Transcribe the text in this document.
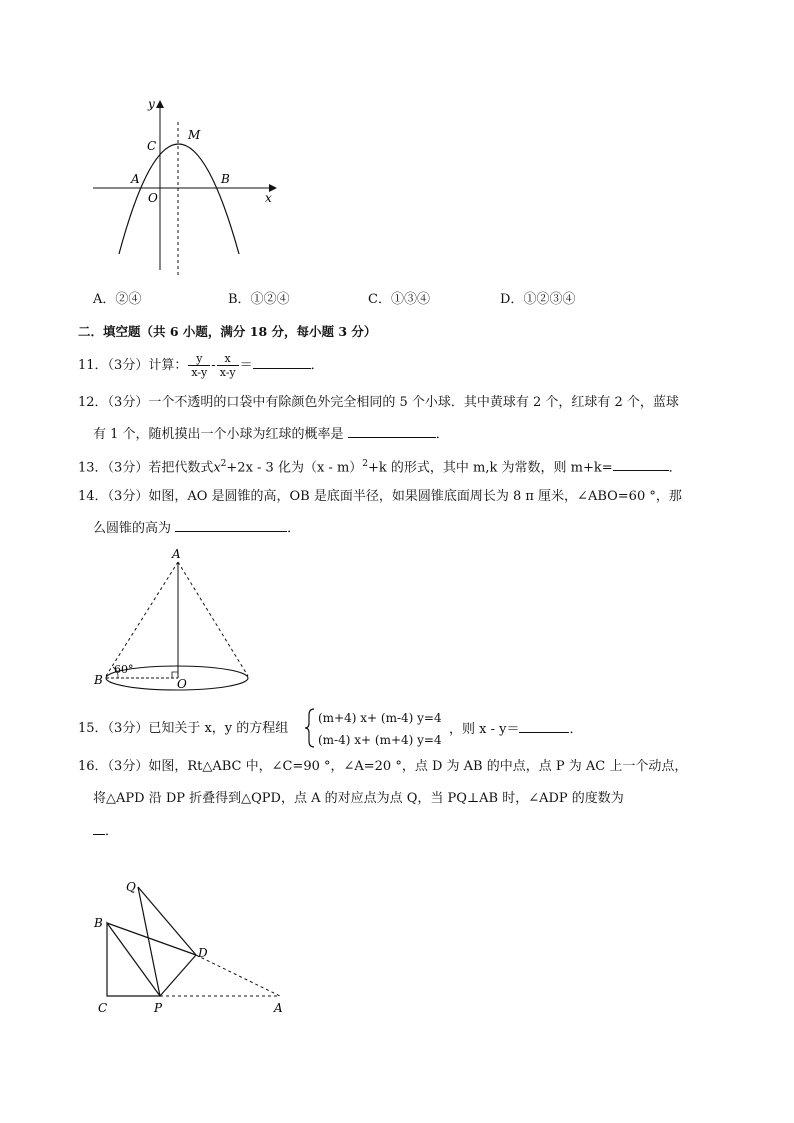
y
x
C
M
A	B
O
A．②④	B．①②④	C．①③④	D．①②③④
二．填空题（共 6 小题，满分 18 分，每小题 3 分）
11．（3分）计算： $\frac{y}{x-y} - \frac{x}{x-y}$ ＝	．
12．（3分）一个不透明的口袋中有除颜色外完全相同的 5 个小球．其中黄球有 2 个，红球有 2 个，蓝球
有 1 个，随机摸出一个小球为红球的概率是	．
13．（3分）若把代数式$x^2+2x - 3$ 化为（x - m）$^2$+k 的形式，其中 m,k 为常数，则 m+k=	．
14．（3分）如图，AO 是圆锥的高，OB 是底面半径，如果圆锥底面周长为 8 π 厘米，∠ABO=60 °，那
么圆锥的高为	．
A
B	O
60°
15．（3分）已知关于 x，y 的方程组
(m+4) x+ (m-4) y=4
(m-4) x+ (m+4) y=4
，则 x - y＝	．
16．（3分）如图，Rt△ABC 中，∠C=90 °，∠A=20 °，点 D 为 AB 的中点，点 P 为 AC 上一个动点，
将△APD 沿 DP 折叠得到△QPD，点 A 的对应点为点 Q，当 PQ⊥AB 时，∠ADP 的度数为
．
Q
B
D
C	P	A
